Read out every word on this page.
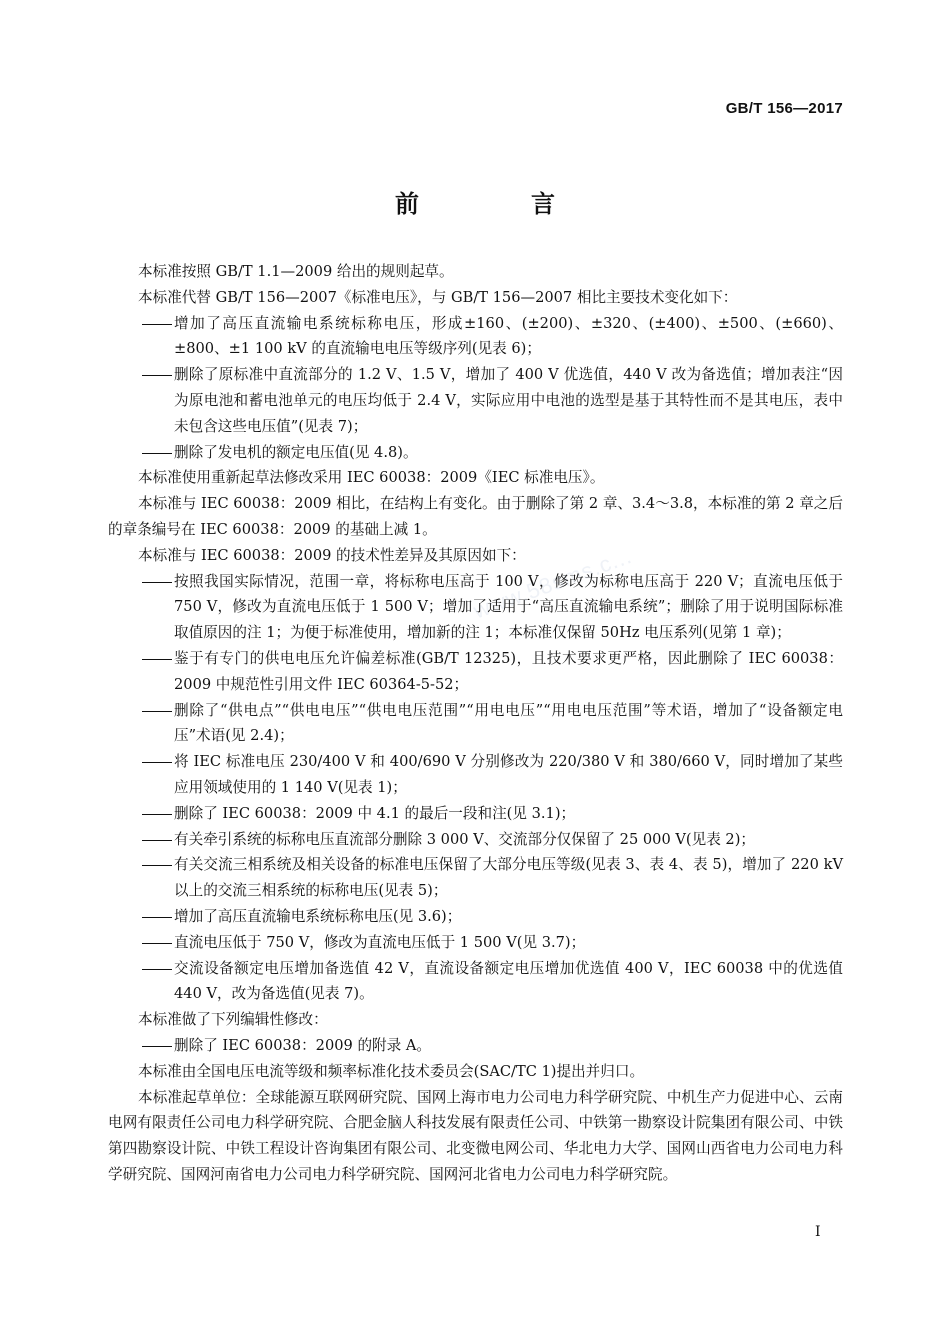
GB/T 156—2017
前　言
www.58sms.c...
本标准按照 GB/T 1.1—2009 给出的规则起草。
本标准代替 GB/T 156—2007《标准电压》，与 GB/T 156—2007 相比主要技术变化如下：
增加了高压直流输电系统标称电压，形成±160、(±200)、±320、(±400)、±500、(±660)、±800、±1 100 kV 的直流输电电压等级序列(见表 6)；
删除了原标准中直流部分的 1.2 V、1.5 V，增加了 400 V 优选值，440 V 改为备选值；增加表注“因为原电池和蓄电池单元的电压均低于 2.4 V，实际应用中电池的选型是基于其特性而不是其电压，表中未包含这些电压值”(见表 7)；
删除了发电机的额定电压值(见 4.8)。
本标准使用重新起草法修改采用 IEC 60038：2009《IEC 标准电压》。
本标准与 IEC 60038：2009 相比，在结构上有变化。由于删除了第 2 章、3.4～3.8，本标准的第 2 章之后的章条编号在 IEC 60038：2009 的基础上减 1。
本标准与 IEC 60038：2009 的技术性差异及其原因如下：
按照我国实际情况，范围一章，将标称电压高于 100 V，修改为标称电压高于 220 V；直流电压低于 750 V，修改为直流电压低于 1 500 V；增加了适用于“高压直流输电系统”；删除了用于说明国际标准取值原因的注 1；为便于标准使用，增加新的注 1；本标准仅保留 50Hz 电压系列(见第 1 章)；
鉴于有专门的供电电压允许偏差标准(GB/T 12325)，且技术要求更严格，因此删除了 IEC 60038：2009 中规范性引用文件 IEC 60364-5-52；
删除了“供电点”“供电电压”“供电电压范围”“用电电压”“用电电压范围”等术语，增加了“设备额定电压”术语(见 2.4)；
将 IEC 标准电压 230/400 V 和 400/690 V 分别修改为 220/380 V 和 380/660 V，同时增加了某些应用领域使用的 1 140 V(见表 1)；
删除了 IEC 60038：2009 中 4.1 的最后一段和注(见 3.1)；
有关牵引系统的标称电压直流部分删除 3 000 V、交流部分仅保留了 25 000 V(见表 2)；
有关交流三相系统及相关设备的标准电压保留了大部分电压等级(见表 3、表 4、表 5)，增加了 220 kV 以上的交流三相系统的标称电压(见表 5)；
增加了高压直流输电系统标称电压(见 3.6)；
直流电压低于 750 V，修改为直流电压低于 1 500 V(见 3.7)；
交流设备额定电压增加备选值 42 V，直流设备额定电压增加优选值 400 V，IEC 60038 中的优选值 440 V，改为备选值(见表 7)。
本标准做了下列编辑性修改：
删除了 IEC 60038：2009 的附录 A。
本标准由全国电压电流等级和频率标准化技术委员会(SAC/TC 1)提出并归口。
本标准起草单位：全球能源互联网研究院、国网上海市电力公司电力科学研究院、中机生产力促进中心、云南电网有限责任公司电力科学研究院、合肥金脑人科技发展有限责任公司、中铁第一勘察设计院集团有限公司、中铁第四勘察设计院、中铁工程设计咨询集团有限公司、北变微电网公司、华北电力大学、国网山西省电力公司电力科学研究院、国网河南省电力公司电力科学研究院、国网河北省电力公司电力科学研究院。
I
